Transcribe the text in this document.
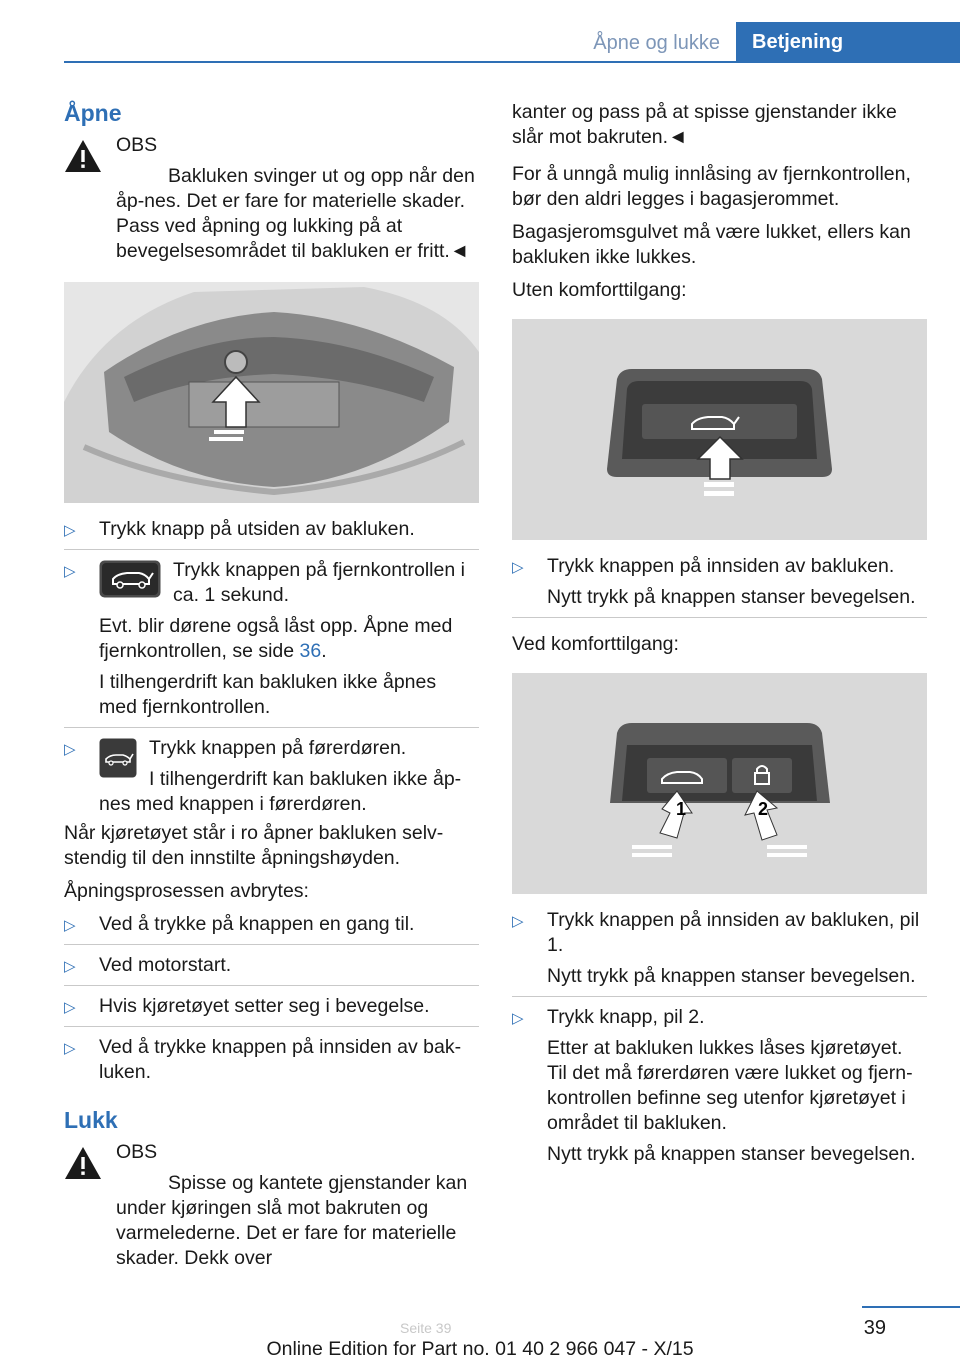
Åpne og lukke Betjening
Åpne

OBS

Bakluken svinger ut og opp når den åp-nes. Det er fare for materielle skader. Pass ved åpning og lukking på at bevegelsesområdet til bakluken er fritt.◄

▷ Trykk knapp på utsiden av bakluken.
▷	Trykk knappen på fjernkontrollen i ca. 1 sekund.
Evt. blir dørene også låst opp. Åpne med fjernkontrollen, se side 36.
I tilhengerdrift kan bakluken ikke åpnes med fjernkontrollen.
▷	Trykk knappen på førerdøren.
I tilhengerdrift kan bakluken ikke åp-nes med knappen i førerdøren.

Når kjøretøyet står i ro åpner bakluken selv-stendig til den innstilte åpningshøyden.

Åpningsprosessen avbrytes:

▷ Ved å trykke på knappen en gang til.
▷ Ved motorstart.
▷ Hvis kjøretøyet setter seg i bevegelse.
▷ Ved å trykke knappen på innsiden av bak-luken.
Lukk

OBS

Spisse og kantete gjenstander kan under kjøringen slå mot bakruten og varmelederne. Det er fare for materielle skader. Dekk over

kanter og pass på at spisse gjenstander ikke slår mot bakruten.◄

For å unngå mulig innlåsing av fjernkontrollen, bør den aldri legges i bagasjerommet.

Bagasjeromsgulvet må være lukket, ellers kan bakluken ikke lukkes.

Uten komforttilgang:

▷ Trykk knappen på innsiden av bakluken.
Nytt trykk på knappen stanser bevegelsen.

Ved komforttilgang:

1	2
▷ Trykk knappen på innsiden av bakluken, pil 1.
Nytt trykk på knappen stanser bevegelsen.
▷ Trykk knapp, pil 2.
Etter at bakluken lukkes låses kjøretøyet. Til det må førerdøren være lukket og fjern-kontrollen befinne seg utenfor kjøretøyet i området til bakluken.
Nytt trykk på knappen stanser bevegelsen.
39
Online Edition for Part no. 01 40 2 966 047 - X/15
Seite 39
